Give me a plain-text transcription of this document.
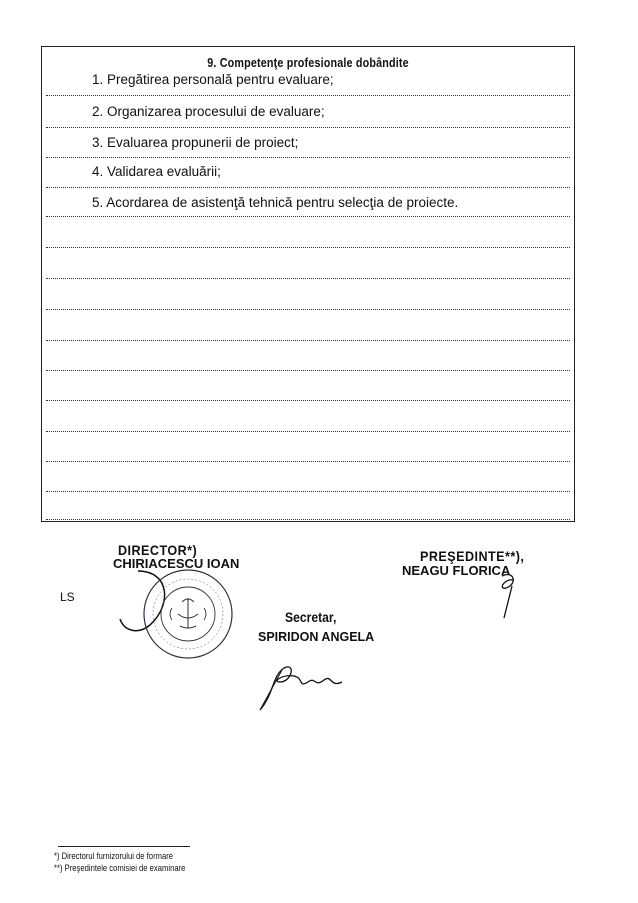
9. Competenţe profesionale dobândite
1. Pregătirea personală pentru evaluare;
2. Organizarea procesului de evaluare;
3. Evaluarea propunerii de proiect;
4. Validarea evaluării;
5. Acordarea de asistenţă tehnică pentru selecţia de proiecte.
DIRECTOR*)
CHIRIACESCU IOAN
LS
PREŞEDINTE**),
NEAGU FLORICA
Secretar,
SPIRIDON ANGELA
*) Directorul furnizorului de formare
**) Preşedintele comisiei de examinare
